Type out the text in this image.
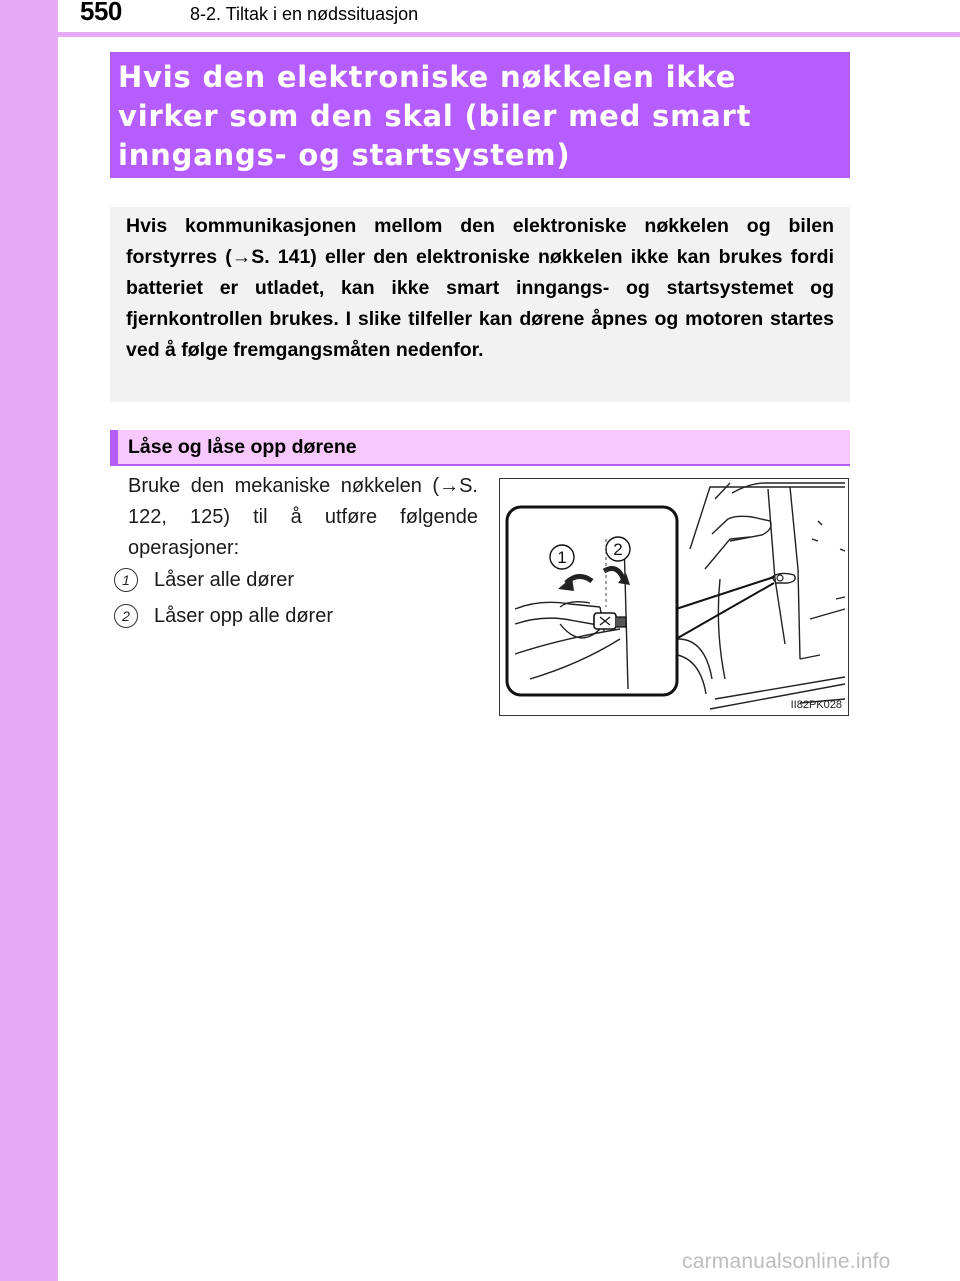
550	8-2. Tiltak i en nødssituasjon

Hvis den elektroniske nøkkelen ikke virker som den skal (biler med smart inngangs- og startsystem)

Hvis kommunikasjonen mellom den elektroniske nøkkelen og bilen forstyrres (→S. 141) eller den elektroniske nøkkelen ikke kan brukes fordi batteriet er utladet, kan ikke smart inngangs- og startsystemet og fjernkontrollen brukes. I slike tilfeller kan dørene åpnes og motoren startes ved å følge fremgangsmåten nedenfor.

Låse og låse opp dørene

Bruke den mekaniske nøkkelen (→S. 122, 125) til å utføre følgende operasjoner:

1	Låser alle dører
2	Låser opp alle dører
1	2
II82PK028
carmanualsonline.info
